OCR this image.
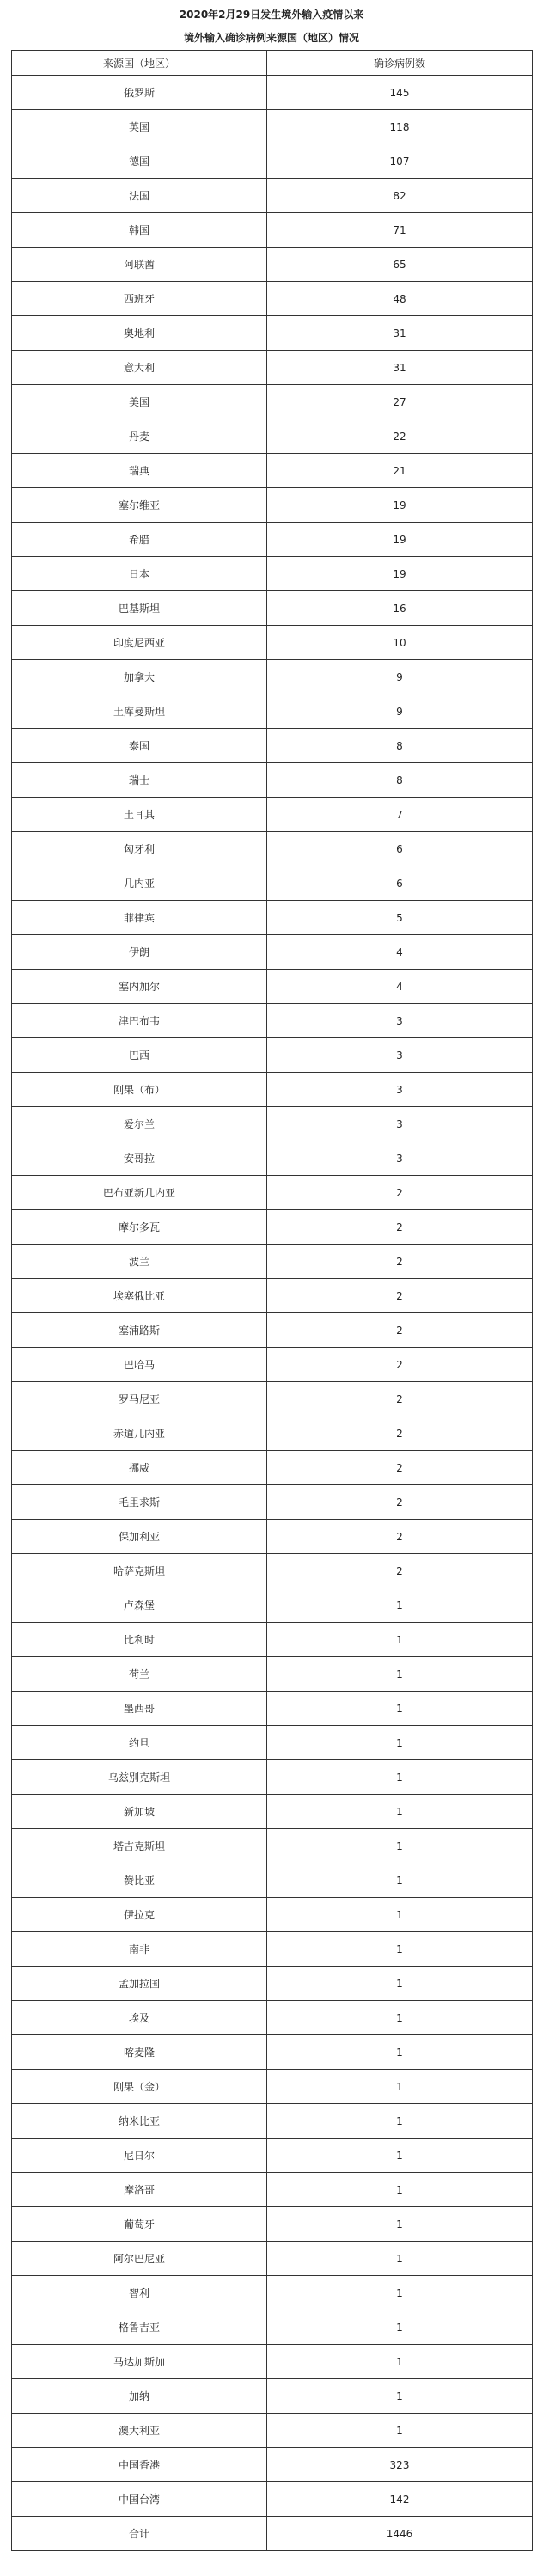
2020年2月29日发生境外输入疫情以来
境外输入确诊病例来源国（地区）情况
来源国（地区）	确诊病例数
俄罗斯	145
英国	118
德国	107
法国	82
韩国	71
阿联酋	65
西班牙	48
奥地利	31
意大利	31
美国	27
丹麦	22
瑞典	21
塞尔维亚	19
希腊	19
日本	19
巴基斯坦	16
印度尼西亚	10
加拿大	9
土库曼斯坦	9
泰国	8
瑞士	8
土耳其	7
匈牙利	6
几内亚	6
菲律宾	5
伊朗	4
塞内加尔	4
津巴布韦	3
巴西	3
刚果（布）	3
爱尔兰	3
安哥拉	3
巴布亚新几内亚	2
摩尔多瓦	2
波兰	2
埃塞俄比亚	2
塞浦路斯	2
巴哈马	2
罗马尼亚	2
赤道几内亚	2
挪威	2
毛里求斯	2
保加利亚	2
哈萨克斯坦	2
卢森堡	1
比利时	1
荷兰	1
墨西哥	1
约旦	1
乌兹别克斯坦	1
新加坡	1
塔吉克斯坦	1
赞比亚	1
伊拉克	1
南非	1
孟加拉国	1
埃及	1
喀麦隆	1
刚果（金）	1
纳米比亚	1
尼日尔	1
摩洛哥	1
葡萄牙	1
阿尔巴尼亚	1
智利	1
格鲁吉亚	1
马达加斯加	1
加纳	1
澳大利亚	1
中国香港	323
中国台湾	142
合计	1446
